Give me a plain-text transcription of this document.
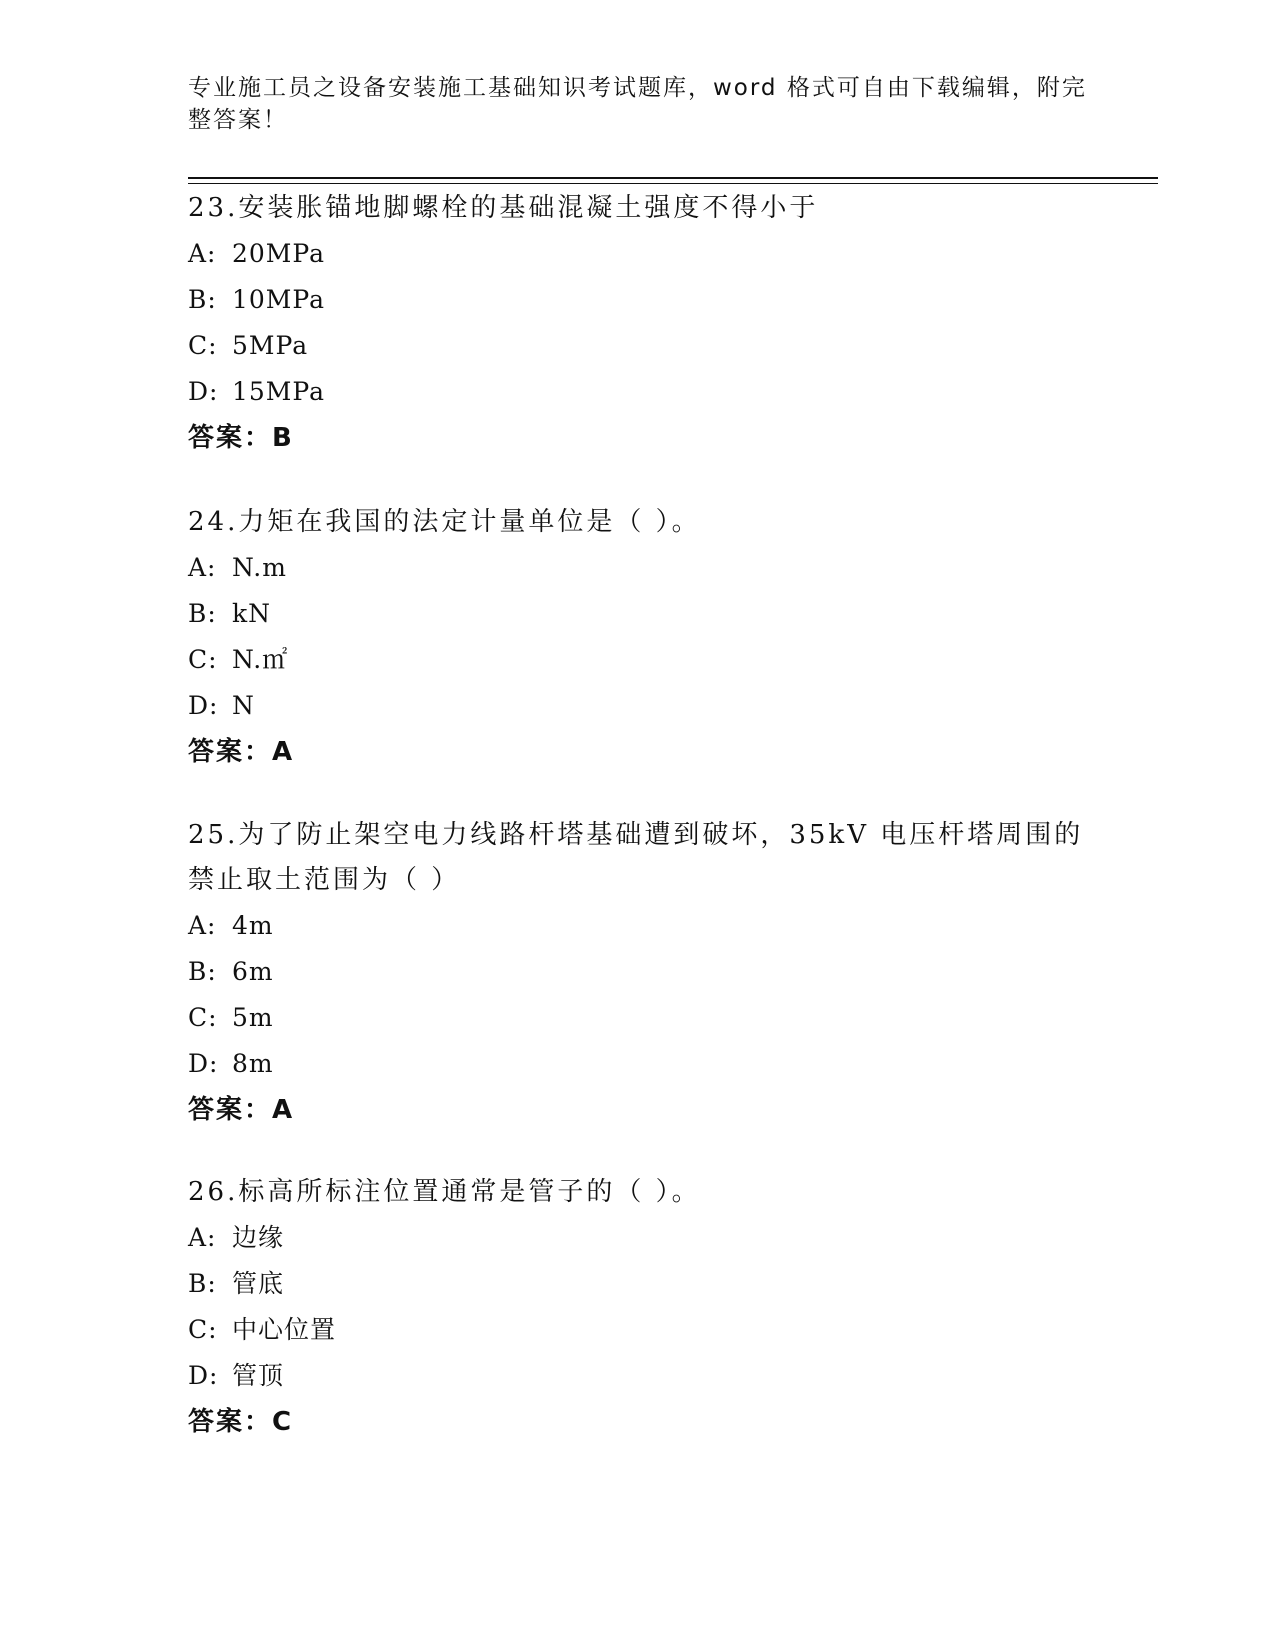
专业施工员之设备安装施工基础知识考试题库，word 格式可自由下载编辑，附完整答案！
23.安装胀锚地脚螺栓的基础混凝土强度不得小于
A: 20MPa
B: 10MPa
C: 5MPa
D: 15MPa
答案：B
24.力矩在我国的法定计量单位是（ ）。
A: N.m
B: kN
C: N.㎡
D: N
答案：A
25.为了防止架空电力线路杆塔基础遭到破坏，35kV 电压杆塔周围的禁止取土范围为（ ）
A: 4m
B: 6m
C: 5m
D: 8m
答案：A
26.标高所标注位置通常是管子的（ ）。
A: 边缘
B: 管底
C: 中心位置
D: 管顶
答案：C
